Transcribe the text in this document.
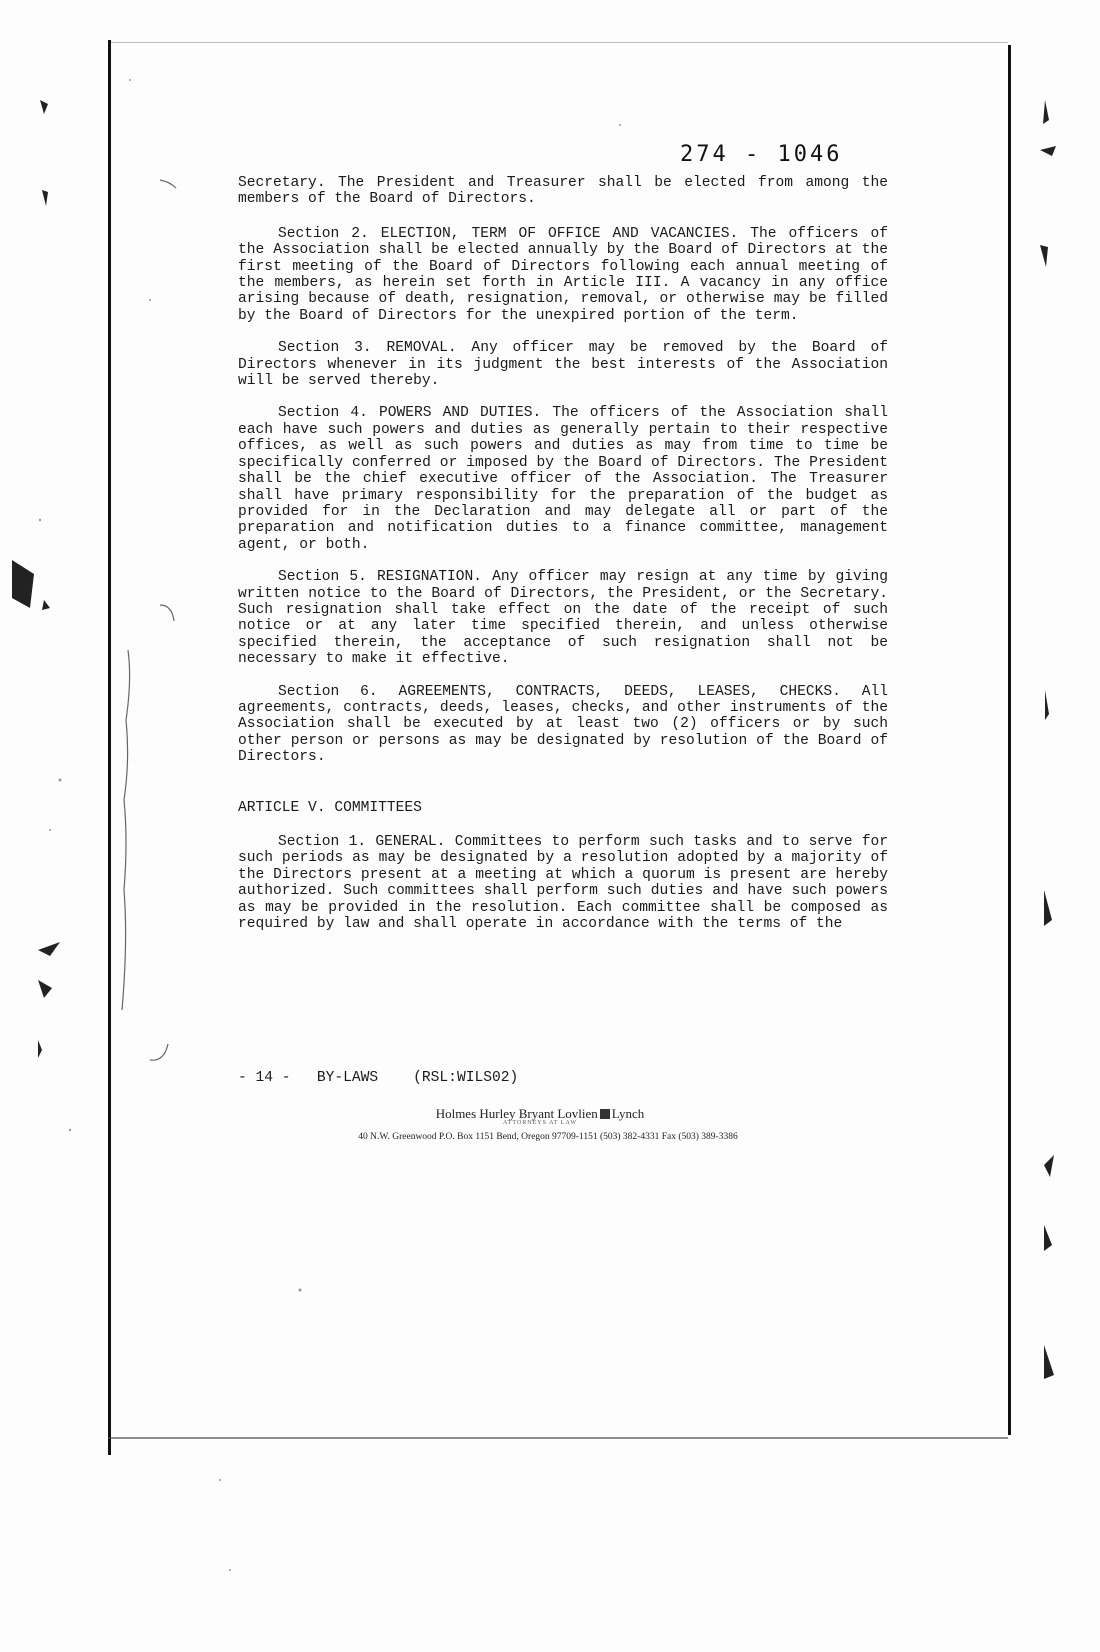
274 - 1046

Secretary. The President and Treasurer shall be elected from among the members of the Board of Directors.

Section 2. ELECTION, TERM OF OFFICE AND VACANCIES. The officers of the Association shall be elected annually by the Board of Directors at the first meeting of the Board of Directors following each annual meeting of the members, as herein set forth in Article III. A vacancy in any office arising because of death, resignation, removal, or otherwise may be filled by the Board of Directors for the unexpired portion of the term.

Section 3. REMOVAL. Any officer may be removed by the Board of Directors whenever in its judgment the best interests of the Association will be served thereby.

Section 4. POWERS AND DUTIES. The officers of the Association shall each have such powers and duties as generally pertain to their respective offices, as well as such powers and duties as may from time to time be specifically conferred or imposed by the Board of Directors. The President shall be the chief executive officer of the Association. The Treasurer shall have primary responsibility for the preparation of the budget as provided for in the Declaration and may delegate all or part of the preparation and notification duties to a finance committee, management agent, or both.

Section 5. RESIGNATION. Any officer may resign at any time by giving written notice to the Board of Directors, the President, or the Secretary. Such resignation shall take effect on the date of the receipt of such notice or at any later time specified therein, and unless otherwise specified therein, the acceptance of such resignation shall not be necessary to make it effective.

Section 6. AGREEMENTS, CONTRACTS, DEEDS, LEASES, CHECKS. All agreements, contracts, deeds, leases, checks, and other instruments of the Association shall be executed by at least two (2) officers or by such other person or persons as may be designated by resolution of the Board of Directors.

ARTICLE V. COMMITTEES

Section 1. GENERAL. Committees to perform such tasks and to serve for such periods as may be designated by a resolution adopted by a majority of the Directors present at a meeting at which a quorum is present are hereby authorized. Such committees shall perform such duties and have such powers as may be provided in the resolution. Each committee shall be composed as required by law and shall operate in accordance with the terms of the

- 14 -   BY-LAWS    (RSL:WILS02)
Holmes Hurley Bryant Lovlien Lynch
ATTORNEYS AT LAW
40 N.W. Greenwood P.O. Box 1151 Bend, Oregon 97709-1151 (503) 382-4331 Fax (503) 389-3386
